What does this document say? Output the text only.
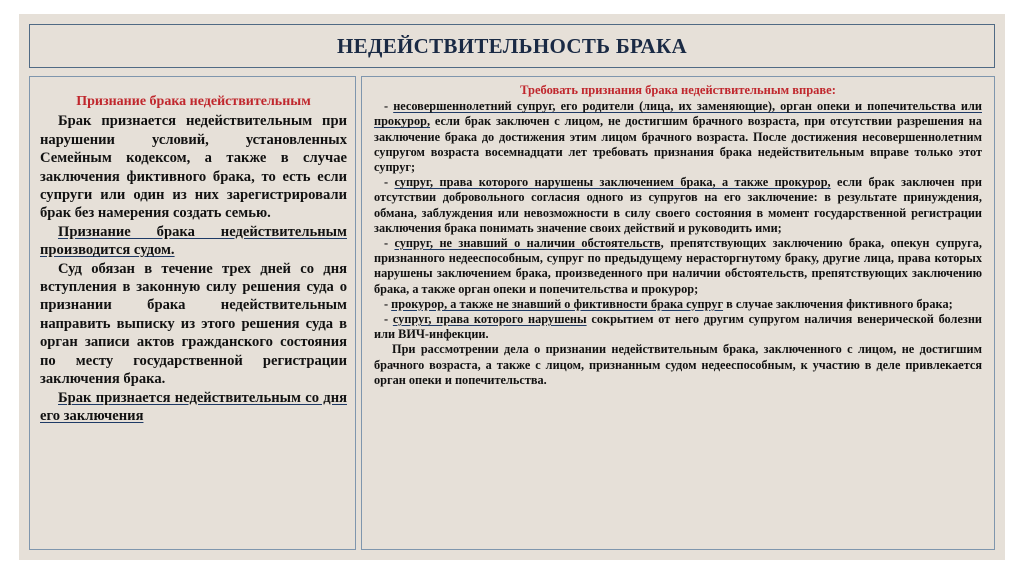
НЕДЕЙСТВИТЕЛЬНОСТЬ БРАКА
Признание брака недействительным

Брак признается недействительным при нарушении условий, установленных Семейным кодексом, а также в случае заключения фиктивного брака, то есть если супруги или один из них зарегистрировали брак без намерения создать семью.

Признание брака недействительным производится судом.

Суд обязан в течение трех дней со дня вступления в законную силу решения суда о признании брака недействительным направить выписку из этого решения суда в орган записи актов гражданского состояния по месту государственной регистрации заключения брака.

Брак признается недействительным со дня его заключения

Требовать признания брака недействительным вправе:

- несовершеннолетний супруг, его родители (лица, их заменяющие), орган опеки и попечительства или прокурор, если брак заключен с лицом, не достигшим брачного возраста, при отсутствии разрешения на заключение брака до достижения этим лицом брачного возраста. После достижения несовершеннолетним супругом возраста восемнадцати лет требовать признания брака недействительным вправе только этот супруг;

- супруг, права которого нарушены заключением брака, а также прокурор, если брак заключен при отсутствии добровольного согласия одного из супругов на его заключение: в результате принуждения, обмана, заблуждения или невозможности в силу своего состояния в момент государственной регистрации заключения брака понимать значение своих действий и руководить ими;

- супруг, не знавший о наличии обстоятельств, препятствующих заключению брака, опекун супруга, признанного недееспособным, супруг по предыдущему нерасторгнутому браку, другие лица, права которых нарушены заключением брака, произведенного при наличии обстоятельств, препятствующих заключению брака, а также орган опеки и попечительства и прокурор;

- прокурор, а также не знавший о фиктивности брака супруг в случае заключения фиктивного брака;

- супруг, права которого нарушены сокрытием от него другим супругом наличия венерической болезни или ВИЧ-инфекции.

При рассмотрении дела о признании недействительным брака, заключенного с лицом, не достигшим брачного возраста, а также с лицом, признанным судом недееспособным, к участию в деле привлекается орган опеки и попечительства.
